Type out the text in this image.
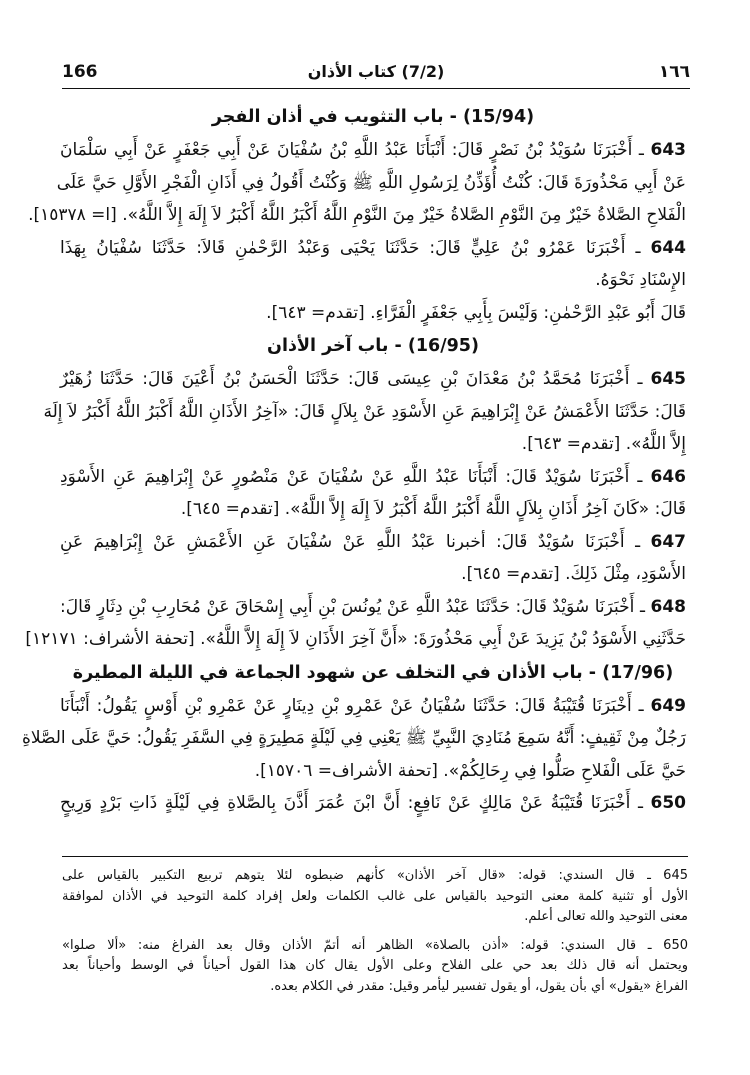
166	(7/2) كتاب الأذان	١٦٦
(15/94) - باب التثويب في أذان الفجر
643 ـ أَخْبَرَنَا سُوَيْدُ بْنُ نَصْرٍ قَالَ: أَنْبَأَنَا عَبْدُ اللَّهِ بْنُ سُفْيَانَ عَنْ أَبِي جَعْفَرٍ عَنْ أَبِي سَلْمَانَ
عَنْ أَبِي مَحْذُورَةَ قَالَ: كُنْتُ أُؤَذِّنُ لِرَسُولِ اللَّهِ ﷺ وَكُنْتُ أَقُولُ فِي أَذَانِ الْفَجْرِ الأَوَّلِ حَيَّ عَلَى
الْفَلاحِ الصَّلاةُ خَيْرٌ مِنَ النَّوْمِ الصَّلاةُ خَيْرٌ مِنَ النَّوْمِ اللَّهُ أَكْبَرُ اللَّهُ أَكْبَرُ لاَ إِلَهَ إِلاَّ اللَّهُ». [ا= ١٥٣٧٨].
644 ـ أَخْبَرَنَا عَمْرُو بْنُ عَلِيٍّ قَالَ: حَدَّثَنَا يَحْيَى وَعَبْدُ الرَّحْمٰنِ قَالاَ: حَدَّثَنَا سُفْيَانُ بِهَذَا
الإِسْنَادِ نَحْوَهُ.
قَالَ أَبُو عَبْدِ الرَّحْمٰنِ: وَلَيْسَ بِأَبِي جَعْفَرٍ الْفَرَّاءِ. [تقدم= ٦٤٣].
(16/95) - باب آخر الأذان
645 ـ أَخْبَرَنَا مُحَمَّدُ بْنُ مَعْدَانَ بْنِ عِيسَى قَالَ: حَدَّثَنَا الْحَسَنُ بْنُ أَعْيَنَ قَالَ: حَدَّثَنَا زُهَيْرٌ
قَالَ: حَدَّثَنَا الأَعْمَشُ عَنْ إِبْرَاهِيمَ عَنِ الأَسْوَدِ عَنْ بِلاَلٍ قَالَ: «آخِرُ الأَذَانِ اللَّهُ أَكْبَرُ اللَّهُ أَكْبَرُ لاَ إِلَهَ
إِلاَّ اللَّهُ». [تقدم= ٦٤٣].
646 ـ أَخْبَرَنَا سُوَيْدٌ قَالَ: أَنْبَأَنَا عَبْدُ اللَّهِ عَنْ سُفْيَانَ عَنْ مَنْصُورٍ عَنْ إِبْرَاهِيمَ عَنِ الأَسْوَدِ
قَالَ: «كَانَ آخِرُ أَذَانِ بِلاَلٍ اللَّهُ أَكْبَرُ اللَّهُ أَكْبَرُ لاَ إِلَهَ إِلاَّ اللَّهُ». [تقدم= ٦٤٥].
647 ـ أَخْبَرَنَا سُوَيْدٌ قَالَ: أخبرنا عَبْدُ اللَّهِ عَنْ سُفْيَانَ عَنِ الأَعْمَشِ عَنْ إِبْرَاهِيمَ عَنِ
الأَسْوَدِ، مِثْلَ ذَلِكَ. [تقدم= ٦٤٥].
648 ـ أَخْبَرَنَا سُوَيْدٌ قَالَ: حَدَّثَنَا عَبْدُ اللَّهِ عَنْ يُونُسَ بْنِ أَبِي إِسْحَاقَ عَنْ مُحَارِبِ بْنِ دِثَارٍ قَالَ:
حَدَّثَنِي الأَسْوَدُ بْنُ يَزِيدَ عَنْ أَبِي مَحْذُورَةَ: «أَنَّ آخِرَ الأَذَانِ لاَ إِلَهَ إِلاَّ اللَّهُ». [تحفة الأشراف: ١٢١٧١]
(17/96) - باب الأذان في التخلف عن شهود الجماعة في الليلة المطيرة
649 ـ أَخْبَرَنَا قُتَيْبَةُ قَالَ: حَدَّثَنَا سُفْيَانُ عَنْ عَمْرِو بْنِ دِينَارٍ عَنْ عَمْرِو بْنِ أَوْسٍ يَقُولُ: أَنْبَأَنَا
رَجُلٌ مِنْ ثَقِيفٍ: أَنَّهُ سَمِعَ مُنَادِيَ النَّبِيِّ ﷺ يَعْنِي فِي لَيْلَةٍ مَطِيرَةٍ فِي السَّفَرِ يَقُولُ: حَيَّ عَلَى الصَّلاةِ
حَيَّ عَلَى الْفَلاحِ صَلُّوا فِي رِحَالِكُمْ». [تحفة الأشراف= ١٥٧٠٦].
650 ـ أَخْبَرَنَا قُتَيْبَةُ عَنْ مَالِكٍ عَنْ نَافِعٍ: أَنَّ ابْنَ عُمَرَ أَذَّنَ بِالصَّلاةِ فِي لَيْلَةٍ ذَاتِ بَرْدٍ وَرِيحٍ
645 ـ قال السندي: قوله: «قال آخر الأذان» كأنهم ضبطوه لئلا يتوهم تربيع التكبير بالقياس على
الأول أو تثنية كلمة معنى التوحيد بالقياس على غالب الكلمات ولعل إفراد كلمة التوحيد في الأذان لموافقة
معنى التوحيد والله تعالى أعلم.
650 ـ قال السندي: قوله: «أذن بالصلاة» الظاهر أنه أتمّ الأذان وقال بعد الفراغ منه: «ألا صلوا»
ويحتمل أنه قال ذلك بعد حي على الفلاح وعلى الأول يقال كان هذا القول أحياناً في الوسط وأحياناً بعد
الفراغ «يقول» أي بأن يقول، أو يقول تفسير ليأمر وقيل: مقدر في الكلام بعده.
